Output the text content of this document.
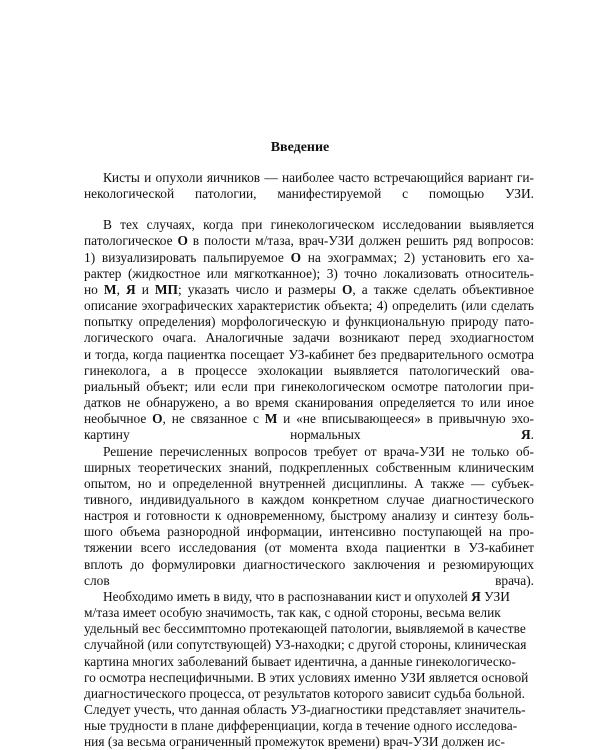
Введение

Кисты и опухоли яичников — наиболее часто встречающийся вариант ги-
некологической патологии, манифестируемой с помощью УЗИ.

В тех случаях, когда при гинекологическом исследовании выявляется
патологическое О в полости м/таза, врач-УЗИ должен решить ряд вопросов:
1) визуализировать пальпируемое О на эхограммах; 2) установить его ха-
рактер (жидкостное или мягкотканное); 3) точно локализовать относитель-
но М, Я и МП; указать число и размеры О, а также сделать объективное
описание эхографических характеристик объекта; 4) определить (или сделать
попытку определения) морфологическую и функциональную природу пато-
логического очага. Аналогичные задачи возникают перед эходиагностом
и тогда, когда пациентка посещает УЗ-кабинет без предварительного осмотра
гинеколога, а в процессе эхолокации выявляется патологический ова-
риальный объект; или если при гинекологическом осмотре патологии при-
датков не обнаружено, а во время сканирования определяется то или иное
необычное О, не связанное с М и «не вписывающееся» в привычную эхо-
картину нормальных Я.

Решение перечисленных вопросов требует от врача-УЗИ не только об-
ширных теоретических знаний, подкрепленных собственным клиническим
опытом, но и определенной внутренней дисциплины. А также — субъек-
тивного, индивидуального в каждом конкретном случае диагностического
настроя и готовности к одновременному, быстрому анализу и синтезу боль-
шого объема разнородной информации, интенсивно поступающей на про-
тяжении всего исследования (от момента входа пациентки в УЗ-кабинет
вплоть до формулировки диагностического заключения и резюмирующих
слов врача).

Необходимо иметь в виду, что в распознавании кист и опухолей Я УЗИ
м/таза имеет особую значимость, так как, с одной стороны, весьма велик
удельный вес бессимптомно протекающей патологии, выявляемой в качестве
случайной (или сопутствующей) УЗ-находки; с другой стороны, клиническая
картина многих заболеваний бывает идентична, а данные гинекологическо-
го осмотра неспецифичными. В этих условиях именно УЗИ является основой
диагностического процесса, от результатов которого зависит судьба больной.
Следует учесть, что данная область УЗ-диагностики представляет значитель-
ные трудности в плане дифференциации, когда в течение одного исследова-
ния (за весьма ограниченный промежуток времени) врач-УЗИ должен ис-
